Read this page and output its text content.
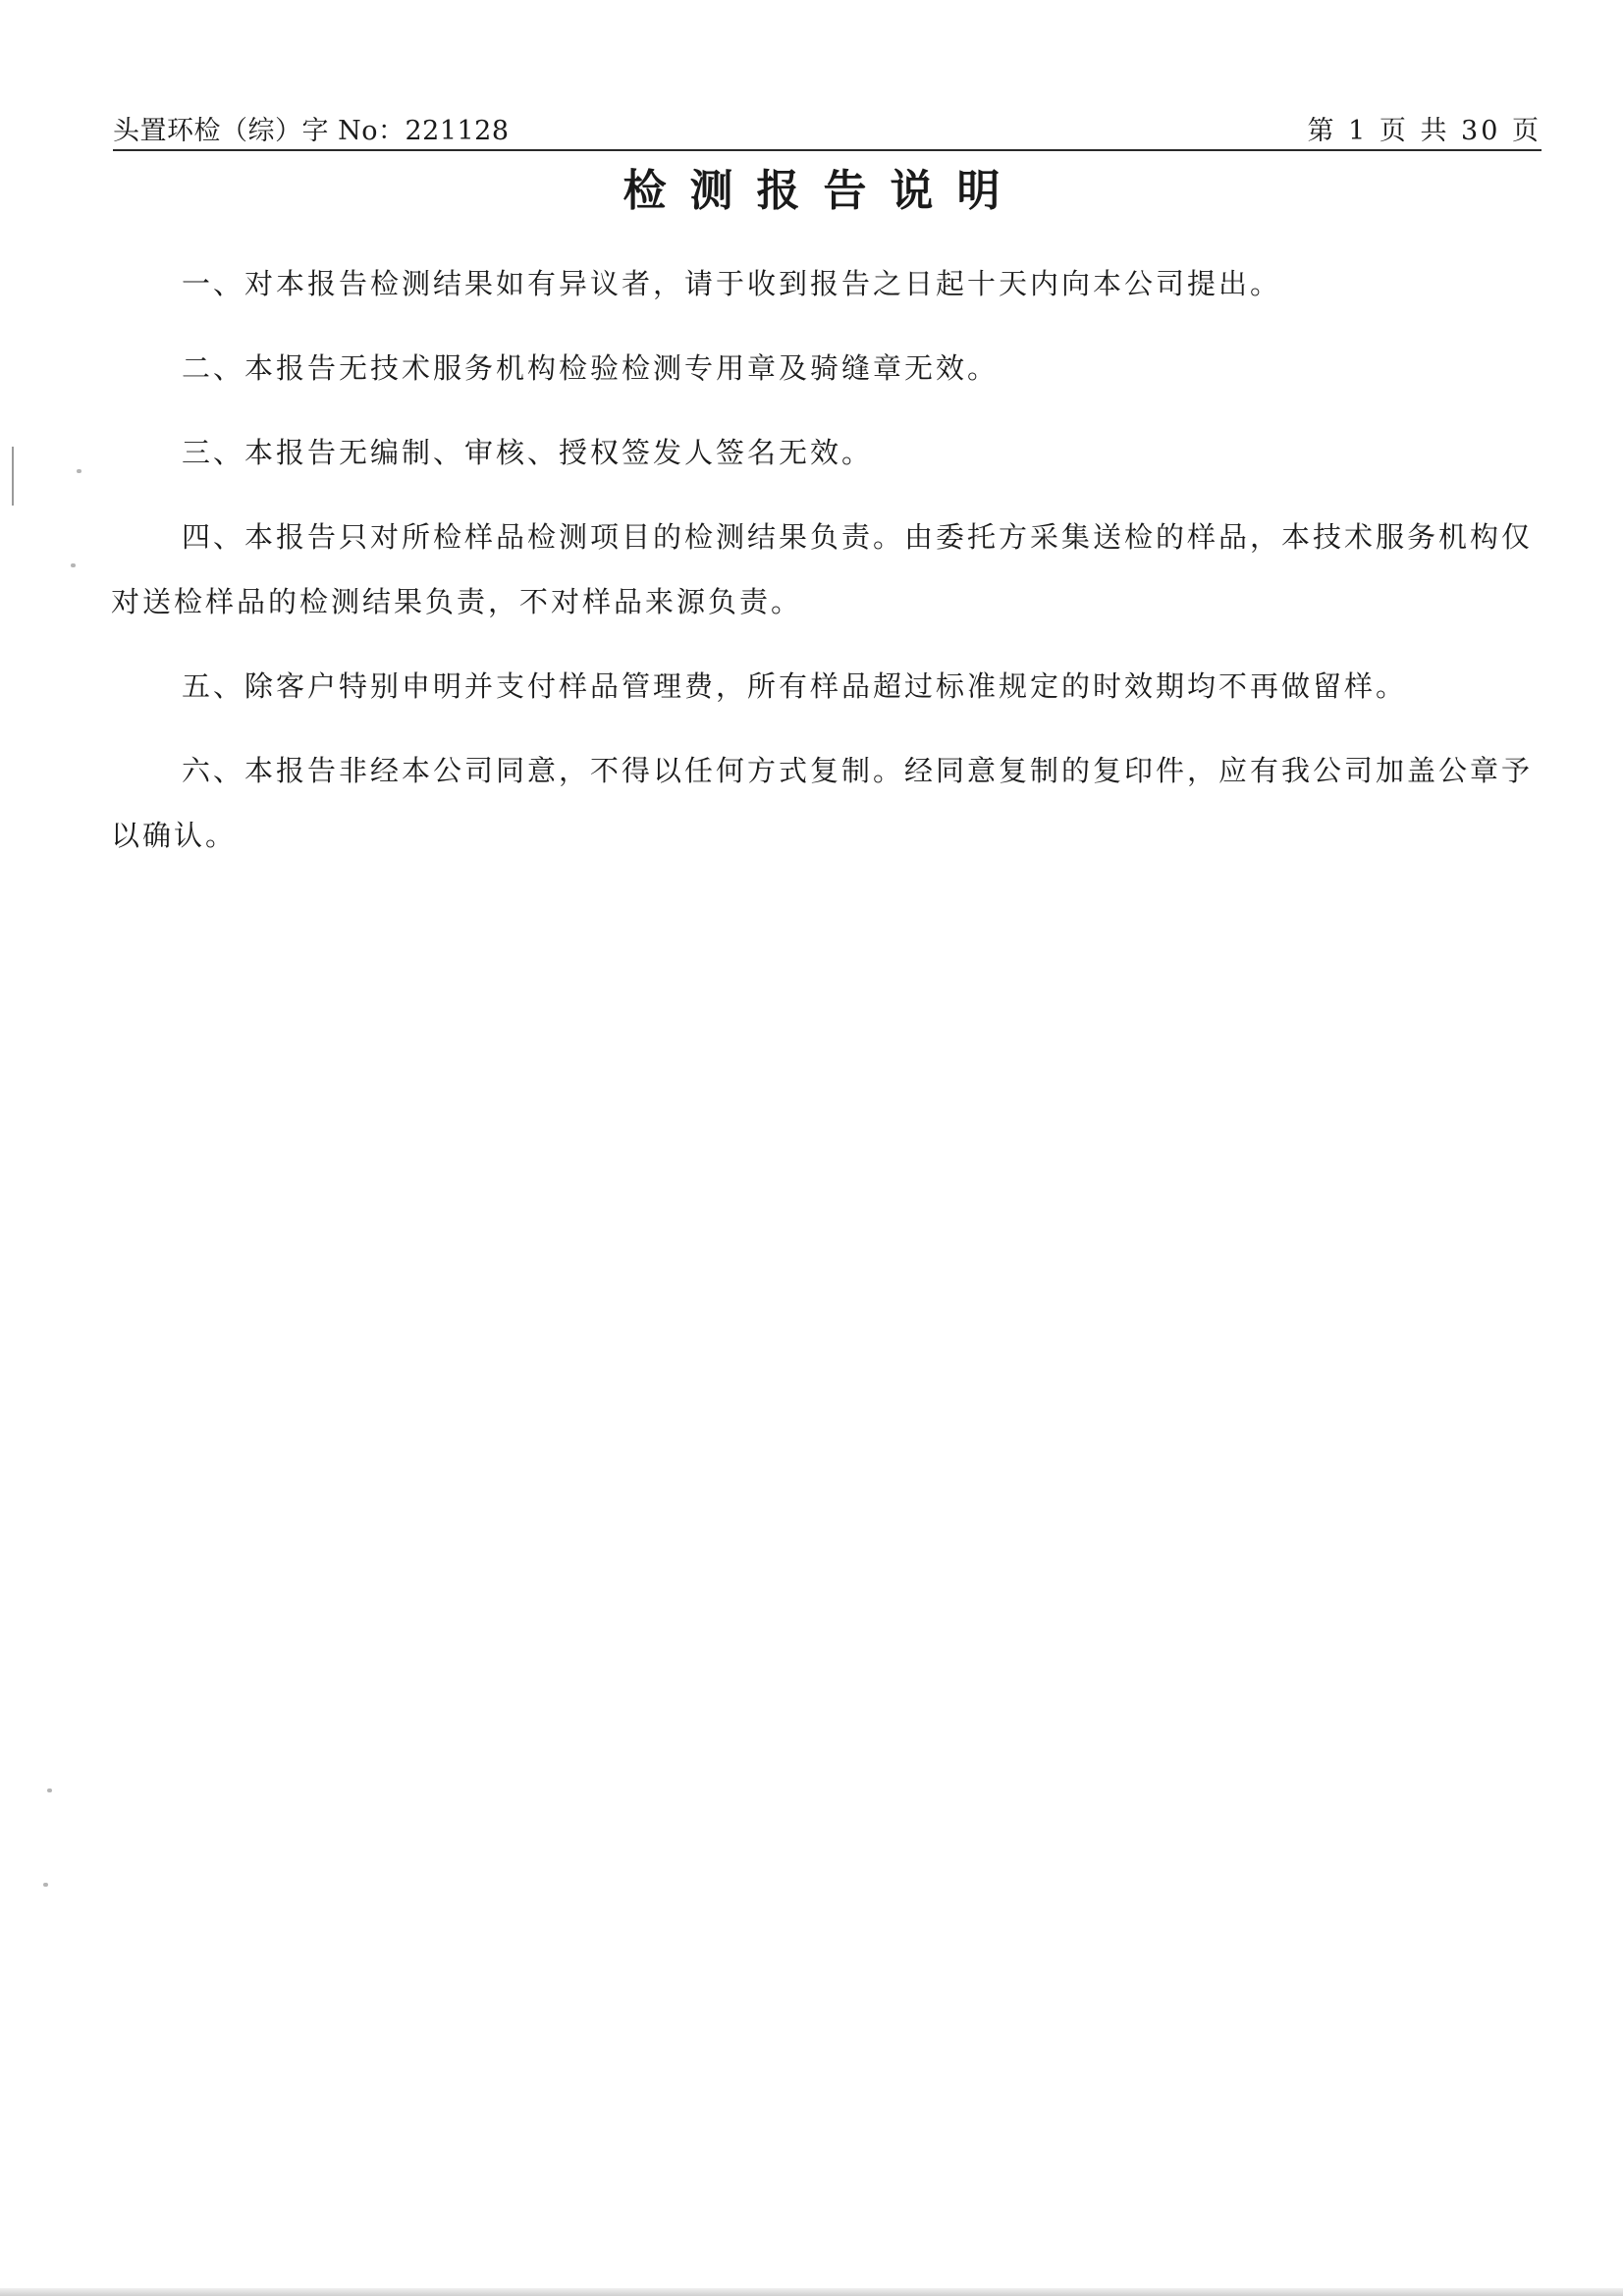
头置环检（综）字 No：221128	第 1 页 共 30 页
检测报告说明

一、对本报告检测结果如有异议者，请于收到报告之日起十天内向本公司提出。

二、本报告无技术服务机构检验检测专用章及骑缝章无效。

三、本报告无编制、审核、授权签发人签名无效。

四、本报告只对所检样品检测项目的检测结果负责。由委托方采集送检的样品，本技术服务机构仅对送检样品的检测结果负责，不对样品来源负责。

五、除客户特别申明并支付样品管理费，所有样品超过标准规定的时效期均不再做留样。

六、本报告非经本公司同意，不得以任何方式复制。经同意复制的复印件，应有我公司加盖公章予以确认。
